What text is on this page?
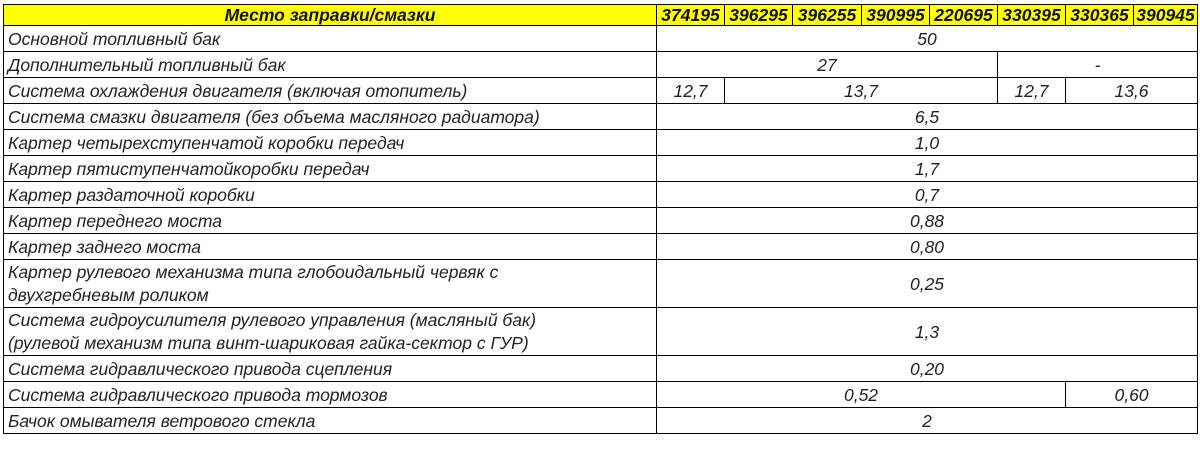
Место заправки/смазки	374195	396295	396255	390995	220695	330395	330365	390945
Основной топливный бак	50							
Дополнительный топливный бак	27					-		
Система охлаждения двигателя (включая отопитель)	12,7	13,7				12,7	13,6	
Система смазки двигателя (без объема масляного радиатора)	6,5							
Картер четырехступенчатой коробки передач	1,0							
Картер пятиступенчатойкоробки передач	1,7							
Картер раздаточной коробки	0,7							
Картер переднего моста	0,88							
Картер заднего моста	0,80							

Картер рулевого механизма типа глобоидальный червяк с
двухгребневым роликом	0,25							

Система гидроусилителя рулевого управления (масляный бак)
(рулевой механизм типа винт-шариковая гайка-сектор с ГУР)	1,3							
Система гидравлического привода сцепления	0,20							
Система гидравлического привода тормозов	0,52						0,60	
Бачок омывателя ветрового стекла	2							
